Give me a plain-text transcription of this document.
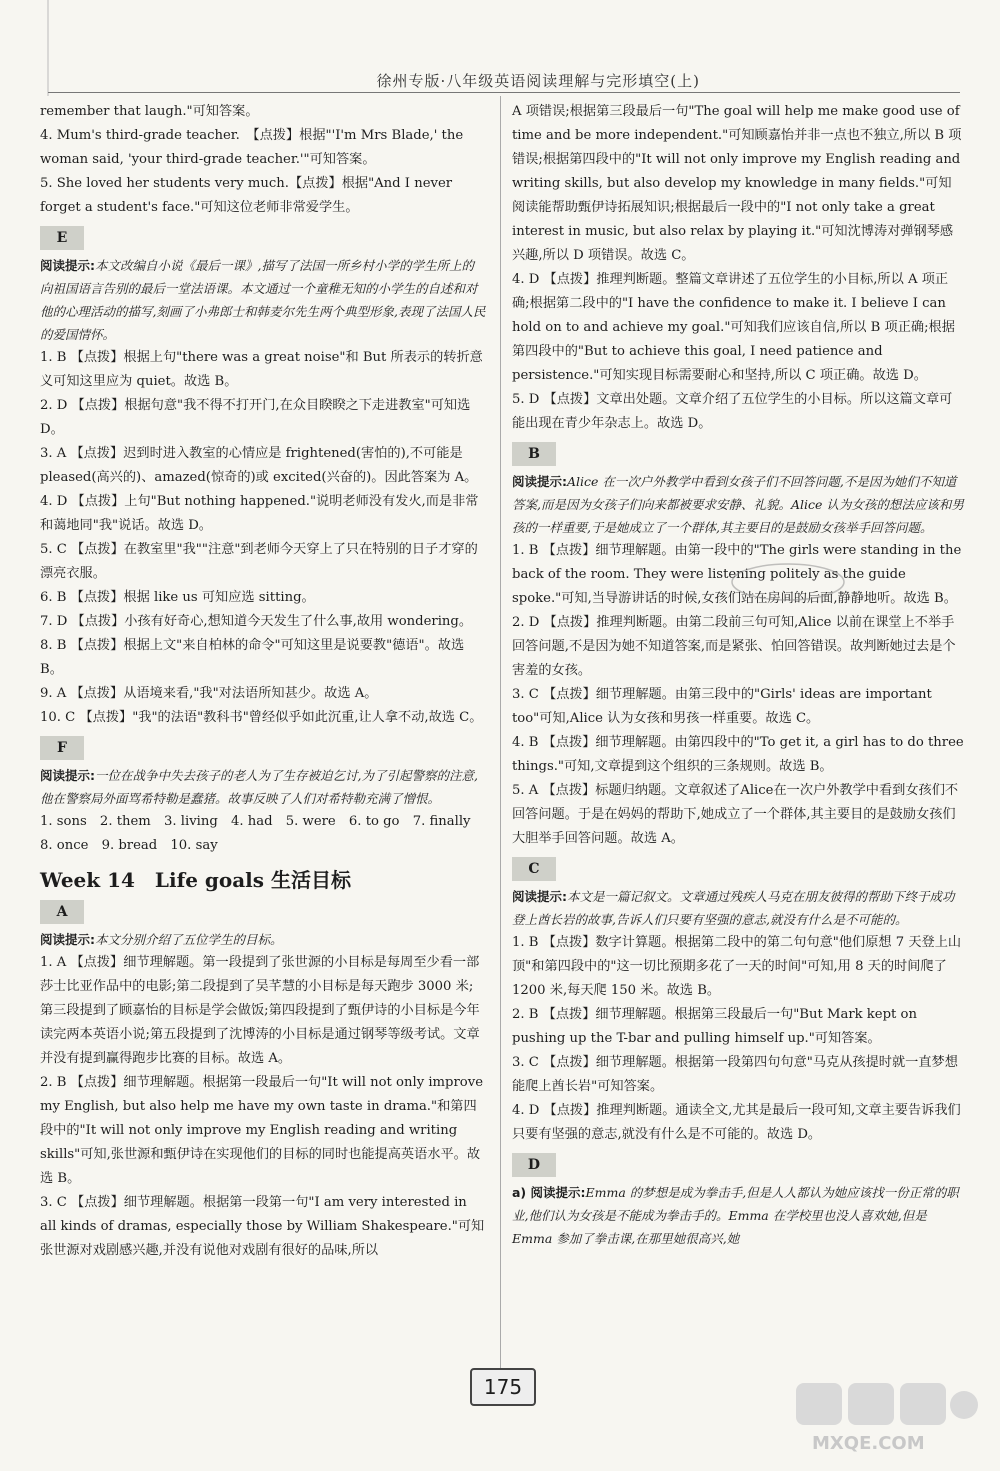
徐州专版·八年级英语阅读理解与完形填空(上)

remember that laugh."可知答案。

4. Mum's third-grade teacher.　【点拨】根据"'I'm Mrs Blade,' the woman said, 'your third-grade teacher.'"可知答案。

5. She loved her students very much.【点拨】根据"And I never forget a student's face."可知这位老师非常爱学生。

E

阅读提示:本文改编自小说《最后一课》,描写了法国一所乡村小学的学生所上的向祖国语言告别的最后一堂法语课。本文通过一个童稚无知的小学生的自述和对他的心理活动的描写,刻画了小弗郎士和韩麦尔先生两个典型形象,表现了法国人民的爱国情怀。

1. B 【点拨】根据上句"there was a great noise"和 But 所表示的转折意义可知这里应为 quiet。故选 B。

2. D 【点拨】根据句意"我不得不打开门,在众目睽睽之下走进教室"可知选 D。

3. A 【点拨】迟到时进入教室的心情应是 frightened(害怕的),不可能是 pleased(高兴的)、amazed(惊奇的)或 excited(兴奋的)。因此答案为 A。

4. D 【点拨】上句"But nothing happened."说明老师没有发火,而是非常和蔼地同"我"说话。故选 D。

5. C 【点拨】在教室里"我""注意"到老师今天穿上了只在特别的日子才穿的漂亮衣服。

6. B 【点拨】根据 like us 可知应选 sitting。

7. D 【点拨】小孩有好奇心,想知道今天发生了什么事,故用 wondering。

8. B 【点拨】根据上文"来自柏林的命令"可知这里是说要教"德语"。故选 B。

9. A 【点拨】从语境来看,"我"对法语所知甚少。故选 A。

10. C 【点拨】"我"的法语"教科书"曾经似乎如此沉重,让人拿不动,故选 C。

F

阅读提示:一位在战争中失去孩子的老人为了生存被迫乞讨,为了引起警察的注意,他在警察局外面骂希特勒是蠢猪。故事反映了人们对希特勒充满了憎恨。

1. sons　2. them　3. living　4. had　5. were　6. to go　7. finally

8. once　9. bread　10. say

Week 14　Life goals 生活目标
A

阅读提示:本文分别介绍了五位学生的目标。

1. A 【点拨】细节理解题。第一段提到了张世源的小目标是每周至少看一部莎士比亚作品中的电影;第二段提到了吴芊慧的小目标是每天跑步 3000 米;第三段提到了顾嘉怡的目标是学会做饭;第四段提到了甄伊诗的小目标是今年读完两本英语小说;第五段提到了沈博涛的小目标是通过钢琴等级考试。文章并没有提到赢得跑步比赛的目标。故选 A。

2. B 【点拨】细节理解题。根据第一段最后一句"It will not only improve my English, but also help me have my own taste in drama."和第四段中的"It will not only improve my English reading and writing skills"可知,张世源和甄伊诗在实现他们的目标的同时也能提高英语水平。故选 B。

3. C 【点拨】细节理解题。根据第一段第一句"I am very interested in all kinds of dramas, especially those by William Shakespeare."可知张世源对戏剧感兴趣,并没有说他对戏剧有很好的品味,所以

A 项错误;根据第三段最后一句"The goal will help me make good use of time and be more independent."可知顾嘉怡并非一点也不独立,所以 B 项错误;根据第四段中的"It will not only improve my English reading and writing skills, but also develop my knowledge in many fields."可知阅读能帮助甄伊诗拓展知识;根据最后一段中的"I not only take a great interest in music, but also relax by playing it."可知沈博涛对弹钢琴感兴趣,所以 D 项错误。故选 C。

4. D 【点拨】推理判断题。整篇文章讲述了五位学生的小目标,所以 A 项正确;根据第二段中的"I have the confidence to make it. I believe I can hold on to and achieve my goal."可知我们应该自信,所以 B 项正确;根据第四段中的"But to achieve this goal, I need patience and persistence."可知实现目标需要耐心和坚持,所以 C 项正确。故选 D。

5. D 【点拨】文章出处题。文章介绍了五位学生的小目标。所以这篇文章可能出现在青少年杂志上。故选 D。

B

阅读提示:Alice 在一次户外教学中看到女孩子们不回答问题,不是因为她们不知道答案,而是因为女孩子们向来都被要求安静、礼貌。Alice 认为女孩的想法应该和男孩的一样重要,于是她成立了一个群体,其主要目的是鼓励女孩举手回答问题。

1. B 【点拨】细节理解题。由第一段中的"The girls were standing in the back of the room. They were listening politely as the guide spoke."可知,当导游讲话的时候,女孩们站在房间的后面,静静地听。故选 B。

2. D 【点拨】推理判断题。由第二段前三句可知,Alice 以前在课堂上不举手回答问题,不是因为她不知道答案,而是紧张、怕回答错误。故判断她过去是个害羞的女孩。

3. C 【点拨】细节理解题。由第三段中的"Girls' ideas are important too"可知,Alice 认为女孩和男孩一样重要。故选 C。

4. B 【点拨】细节理解题。由第四段中的"To get it, a girl has to do three things."可知,文章提到这个组织的三条规则。故选 B。

5. A 【点拨】标题归纳题。文章叙述了Alice在一次户外教学中看到女孩们不回答问题。于是在妈妈的帮助下,她成立了一个群体,其主要目的是鼓励女孩们大胆举手回答问题。故选 A。

C

阅读提示:本文是一篇记叙文。文章通过残疾人马克在朋友彼得的帮助下终于成功登上酋长岩的故事,告诉人们只要有坚强的意志,就没有什么是不可能的。

1. B 【点拨】数字计算题。根据第二段中的第二句句意"他们原想 7 天登上山顶"和第四段中的"这一切比预期多花了一天的时间"可知,用 8 天的时间爬了 1200 米,每天爬 150 米。故选 B。

2. B 【点拨】细节理解题。根据第三段最后一句"But Mark kept on pushing up the T-bar and pulling himself up."可知答案。

3. C 【点拨】细节理解题。根据第一段第四句句意"马克从孩提时就一直梦想能爬上酋长岩"可知答案。

4. D 【点拨】推理判断题。通读全文,尤其是最后一段可知,文章主要告诉我们只要有坚强的意志,就没有什么是不可能的。故选 D。

D

a) 阅读提示:Emma 的梦想是成为拳击手,但是人人都认为她应该找一份正常的职业,他们认为女孩是不能成为拳击手的。Emma 在学校里也没人喜欢她,但是 Emma 参加了拳击课,在那里她很高兴,她

175
MXQE.COM
